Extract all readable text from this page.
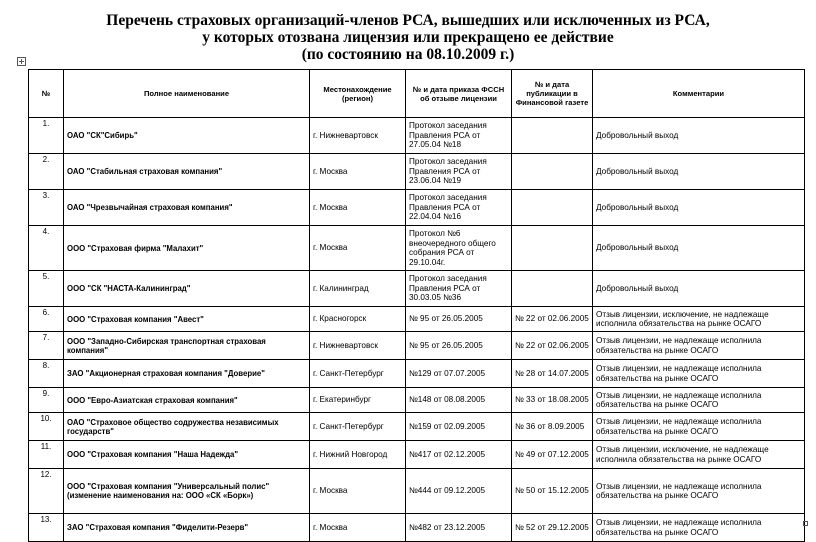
Перечень страховых организаций-членов РСА, вышедших или исключенных из РСА,
у которых отозвана лицензия или прекращено ее действие
(по состоянию на 08.10.2009 г.)
№	Полное наименование	Местонахождение (регион)	№ и дата приказа ФССН об отзыве лицензии	№ и дата публикации в Финансовой газете	Комментарии
1.	ОАО "СК"Сибирь"	г. Нижневартовск	Протокол заседания Правления РСА от 27.05.04 №18		Добровольный выход
2.	ОАО "Стабильная страховая компания"	г. Москва	Протокол заседания Правления РСА от 23.06.04 №19		Добровольный выход
3.	ОАО "Чрезвычайная страховая компания"	г. Москва	Протокол заседания Правления РСА от 22.04.04 №16		Добровольный выход
4.	ООО "Страховая фирма "Малахит"	г. Москва	Протокол №6 внеочередного общего собрания РСА от 29.10.04г.		Добровольный выход
5.	ООО "СК "НАСТА-Калининград"	г. Калининград	Протокол заседания Правления РСА от 30.03.05 №36		Добровольный выход
6.	ООО "Страховая компания "Авест"	г. Красногорск	№ 95 от 26.05.2005	№ 22 от 02.06.2005	Отзыв лицензии, исключение, не надлежаще исполнила обязательства на рынке ОСАГО
7.	ООО "Западно-Сибирская транспортная страховая компания"	г. Нижневартовск	№ 95 от 26.05.2005	№ 22 от 02.06.2005	Отзыв лицензии, не надлежаще исполнила обязательства на рынке ОСАГО
8.	ЗАО "Акционерная страховая компания "Доверие"	г. Санкт-Петербург	№129 от 07.07.2005	№ 28 от 14.07.2005	Отзыв лицензии, не надлежаще исполнила обязательства на рынке ОСАГО
9.	ООО "Евро-Азиатская страховая компания"	г. Екатеринбург	№148 от 08.08.2005	№ 33 от 18.08.2005	Отзыв лицензии, не надлежаще исполнила обязательства на рынке ОСАГО
10.	ОАО "Страховое общество содружества независимых государств"	г. Санкт-Петербург	№159 от 02.09.2005	№ 36 от 8.09.2005	Отзыв лицензии, не надлежаще исполнила обязательства на рынке ОСАГО
11.	ООО "Страховая компания "Наша Надежда"	г. Нижний Новгород	№417 от 02.12.2005	№ 49 от 07.12.2005	Отзыв лицензии, исключение, не надлежаще исполнила обязательства на рынке ОСАГО
12.	ООО "Страховая компания "Универсальный полис" (изменение наименования на: ООО «СК «Борк»)	г. Москва	№444 от 09.12.2005	№ 50 от 15.12.2005	Отзыв лицензии, не надлежаще исполнила обязательства на рынке ОСАГО
13.	ЗАО "Страховая компания "Фиделити-Резерв"	г. Москва	№482 от 23.12.2005	№ 52 от 29.12.2005	Отзыв лицензии, не надлежаще исполнила обязательства на рынке ОСАГО
